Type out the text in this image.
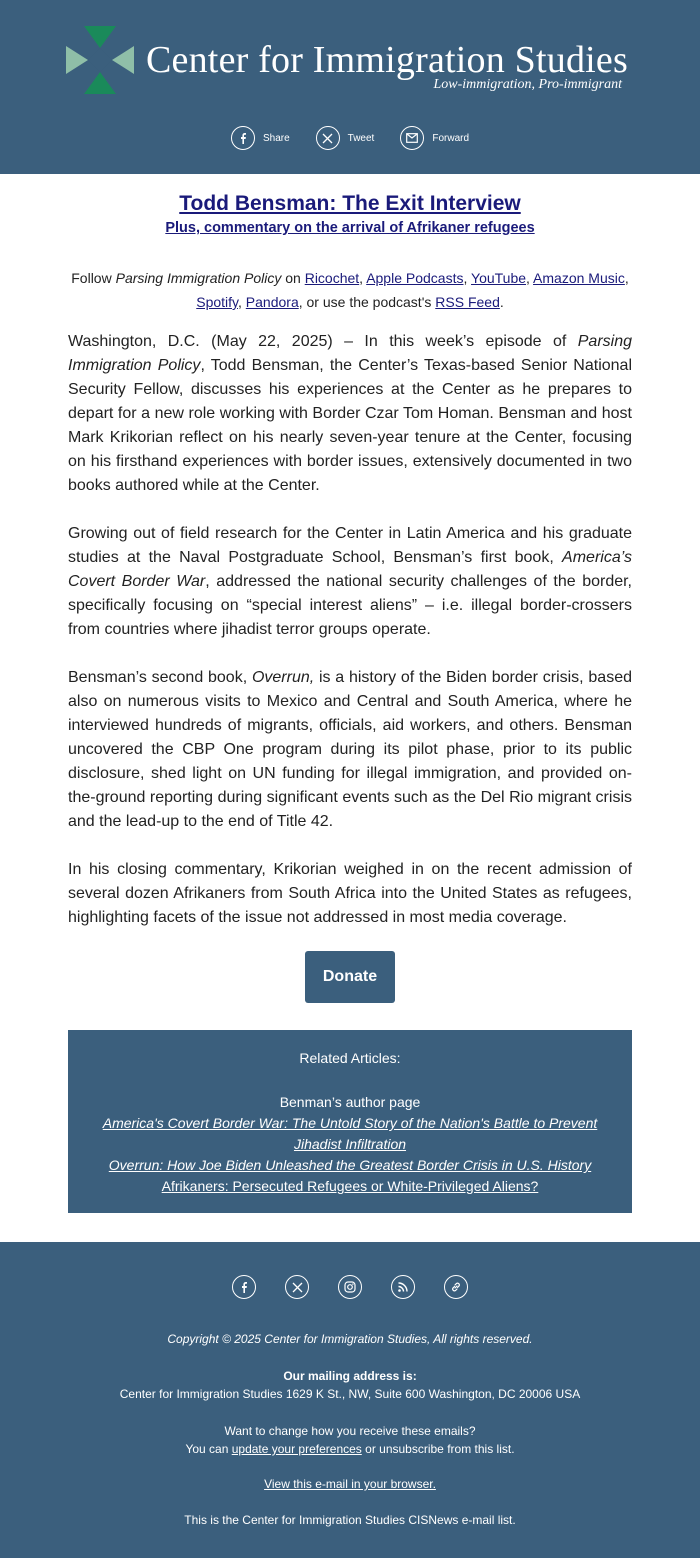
Center for Immigration Studies
Low-immigration, Pro-immigrant
Share	Tweet	Forward
Todd Bensman: The Exit Interview
Plus, commentary on the arrival of Afrikaner refugees
Follow Parsing Immigration Policy on Ricochet, Apple Podcasts, YouTube, Amazon Music, Spotify, Pandora, or use the podcast's RSS Feed.

Washington, D.C. (May 22, 2025) – In this week’s episode of Parsing Immigration Policy, Todd Bensman, the Center’s Texas-based Senior National Security Fellow, discusses his experiences at the Center as he prepares to depart for a new role working with Border Czar Tom Homan. Bensman and host Mark Krikorian reflect on his nearly seven-year tenure at the Center, focusing on his firsthand experiences with border issues, extensively documented in two books authored while at the Center.

Growing out of field research for the Center in Latin America and his graduate studies at the Naval Postgraduate School, Bensman’s first book, America’s Covert Border War, addressed the national security challenges of the border, specifically focusing on “special interest aliens” – i.e. illegal border-crossers from countries where jihadist terror groups operate.

Bensman’s second book, Overrun, is a history of the Biden border crisis, based also on numerous visits to Mexico and Central and South America, where he interviewed hundreds of migrants, officials, aid workers, and others. Bensman uncovered the CBP One program during its pilot phase, prior to its public disclosure, shed light on UN funding for illegal immigration, and provided on-the-ground reporting during significant events such as the Del Rio migrant crisis and the lead-up to the end of Title 42.

In his closing commentary, Krikorian weighed in on the recent admission of several dozen Afrikaners from South Africa into the United States as refugees, highlighting facets of the issue not addressed in most media coverage.

Donate
Related Articles:
Benman’s author page
America's Covert Border War: The Untold Story of the Nation's Battle to Prevent Jihadist Infiltration
Overrun: How Joe Biden Unleashed the Greatest Border Crisis in U.S. History
Afrikaners: Persecuted Refugees or White-Privileged Aliens?
Copyright © 2025 Center for Immigration Studies, All rights reserved.
Our mailing address is:
Center for Immigration Studies 1629 K St., NW, Suite 600 Washington, DC 20006 USA
Want to change how you receive these emails?
You can update your preferences or unsubscribe from this list.
View this e-mail in your browser.
This is the Center for Immigration Studies CISNews e-mail list.
